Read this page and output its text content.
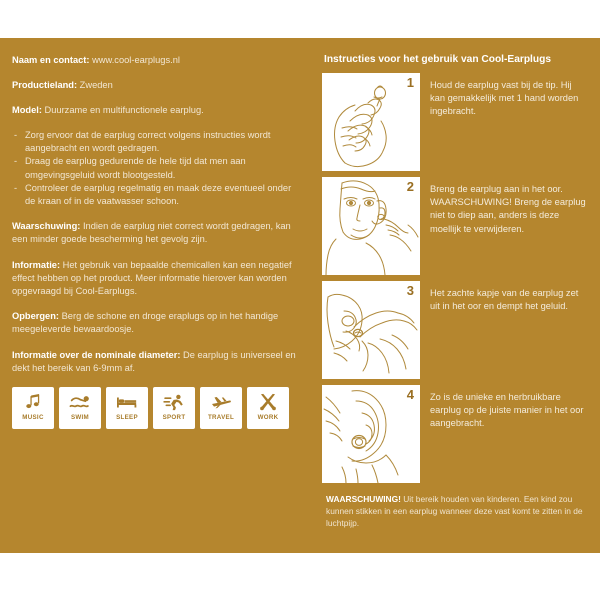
Naam en contact: www.cool-earplugs.nl
Productieland: Zweden
Model: Duurzame en multifunctionele earplug.
- Zorg ervoor dat de earplug correct volgens instructies wordt aangebracht en wordt gedragen.
- Draag de earplug gedurende de hele tijd dat men aan omgevingsgeluid wordt blootgesteld.
- Controleer de earplug regelmatig en maak deze eventueel onder de kraan of in de vaatwasser schoon.

Waarschuwing: Indien de earplug niet correct wordt gedragen, kan een minder goede bescherming het gevolg zijn.

Informatie: Het gebruik van bepaalde chemicallen kan een negatief effect hebben op het product. Meer informatie hierover kan worden opgevraagd bij Cool-Earplugs.

Opbergen: Berg de schone en droge eraplugs op in het handige meegeleverde bewaardoosje.

Informatie over de nominale diameter: De earplug is universeel en dekt het bereik van 6-9mm af.

MUSIC	SWIM	SLEEP	SPORT	TRAVEL	WORK
Instructies voor het gebruik van Cool-Earplugs
1	Houd de earplug vast bij de tip. Hij kan gemakkelijk met 1 hand worden ingebracht.
2	Breng de earplug aan in het oor. WAARSCHUWING! Breng de earplug niet to diep aan, anders is deze moellijk te verwijderen.
3	Het zachte kapje van de earplug zet uit in het oor en dempt het geluid.
4	Zo is de unieke en herbruikbare earplug op de juiste manier in het oor aangebracht.

WAARSCHUWING! Uit bereik houden van kinderen. Een kind zou kunnen stikken in een earplug wanneer deze vast komt te zitten in de luchtpijp.
